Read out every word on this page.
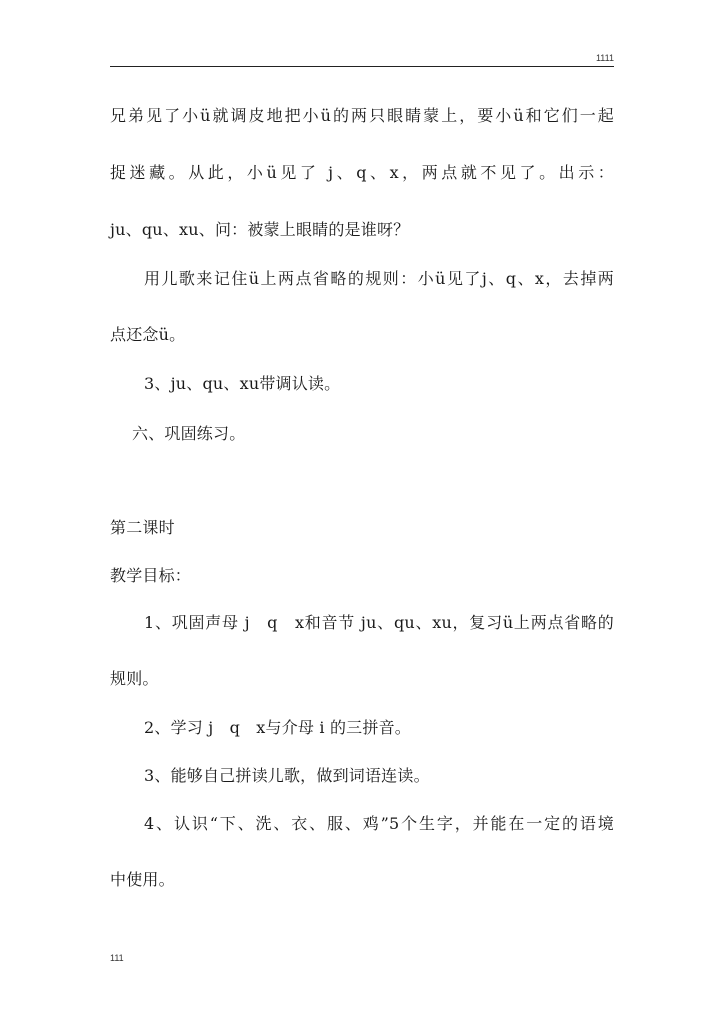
1111
兄弟见了小ü就调皮地把小ü的两只眼睛蒙上，要小ü和它们一起
捉迷藏。从此，小ü见了 j、q、x，两点就不见了。出示：
ju、qu、xu、问：被蒙上眼睛的是谁呀？
用儿歌来记住ü上两点省略的规则：小ü见了j、q、x，去掉两
点还念ü。
3、ju、qu、xu带调认读。
六、巩固练习。
第二课时
教学目标：
1、巩固声母 j　q　x和音节 ju、qu、xu，复习ü上两点省略的
规则。
2、学习 j　q　x与介母 i 的三拼音。
3、能够自己拼读儿歌，做到词语连读。
4、认识“下、洗、衣、服、鸡”5个生字，并能在一定的语境
中使用。
111
